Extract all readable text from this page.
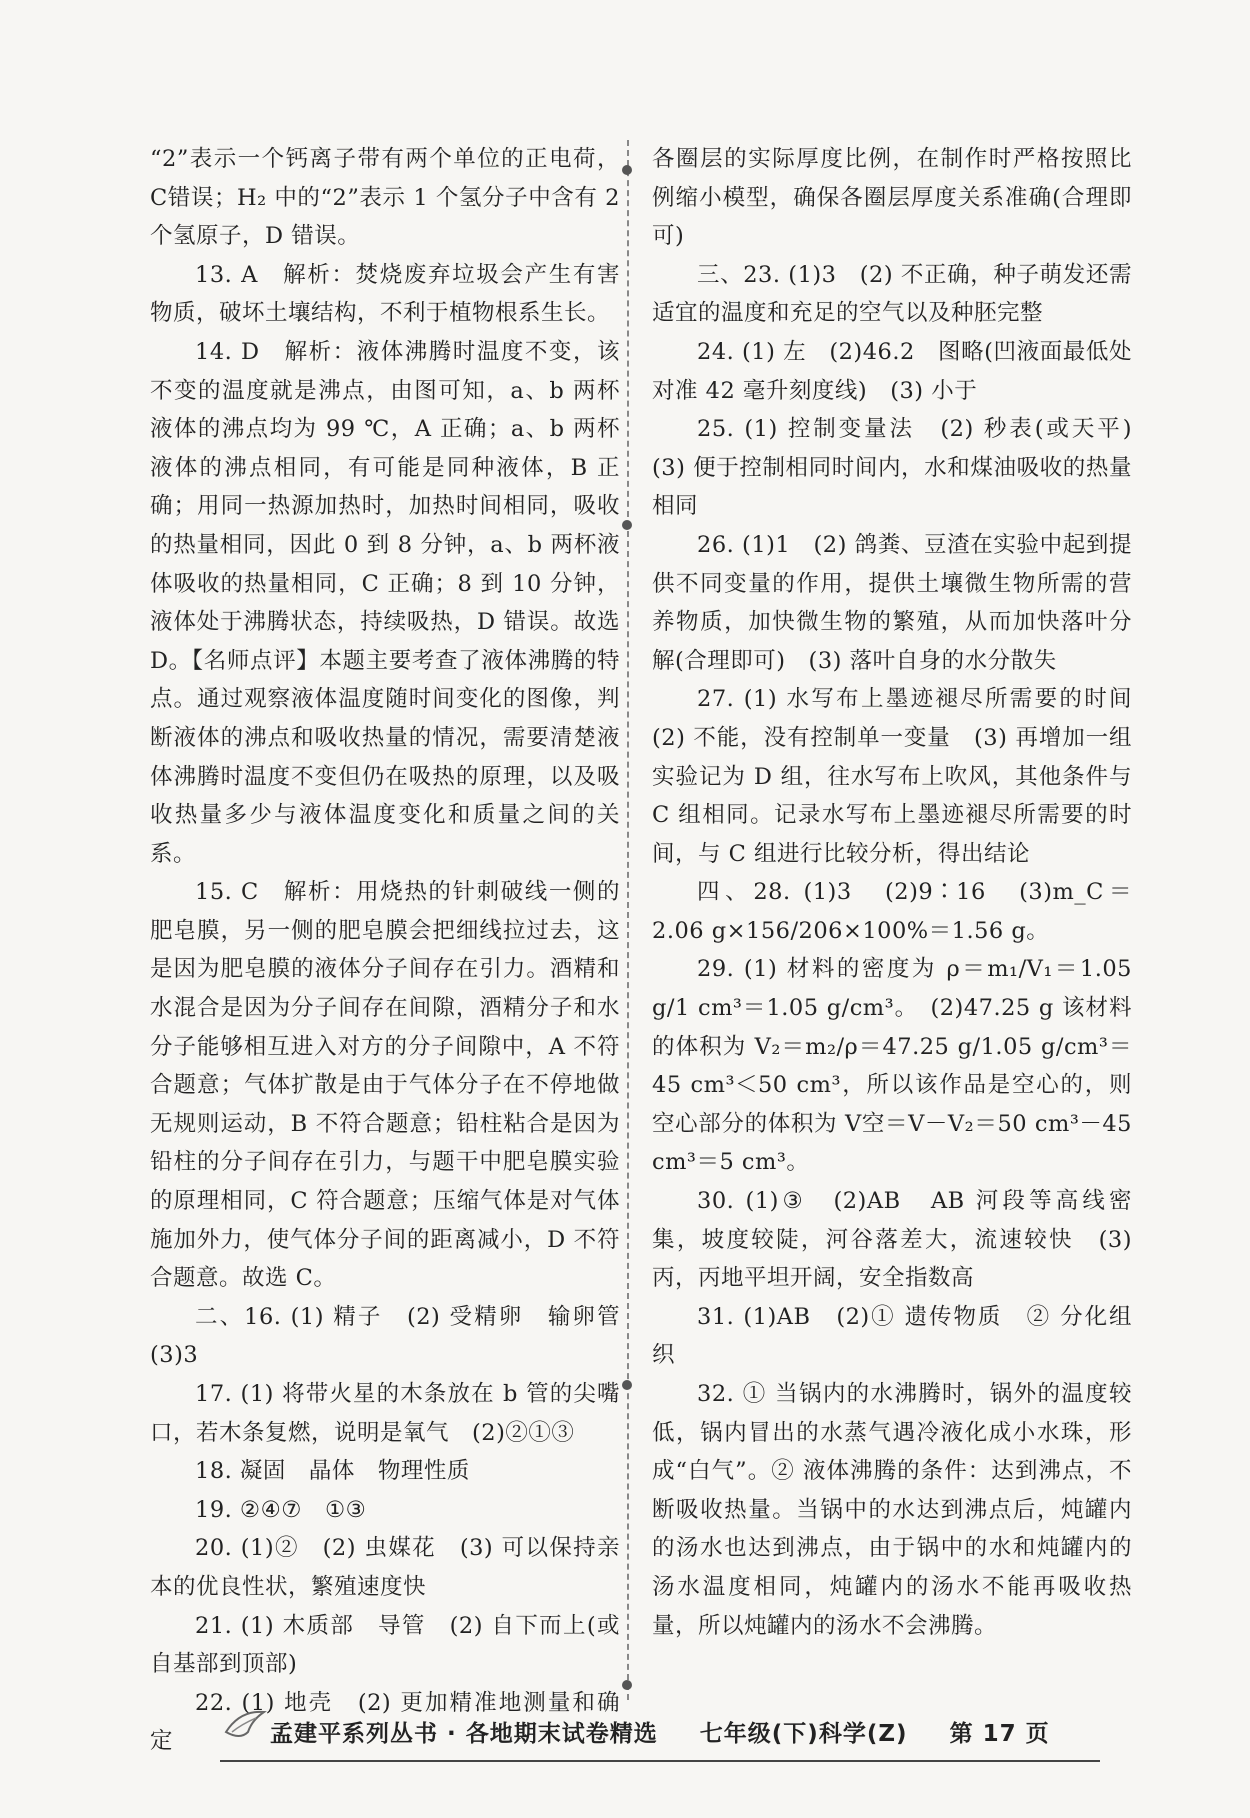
“2”表示一个钙离子带有两个单位的正电荷，C错误；H₂ 中的“2”表示 1 个氢分子中含有 2 个氢原子，D 错误。

13. A　解析：焚烧废弃垃圾会产生有害物质，破坏土壤结构，不利于植物根系生长。

14. D　解析：液体沸腾时温度不变，该不变的温度就是沸点，由图可知，a、b 两杯液体的沸点均为 99 ℃，A 正确；a、b 两杯液体的沸点相同，有可能是同种液体，B 正确；用同一热源加热时，加热时间相同，吸收的热量相同，因此 0 到 8 分钟，a、b 两杯液体吸收的热量相同，C 正确；8 到 10 分钟，液体处于沸腾状态，持续吸热，D 错误。故选 D。【名师点评】本题主要考查了液体沸腾的特点。通过观察液体温度随时间变化的图像，判断液体的沸点和吸收热量的情况，需要清楚液体沸腾时温度不变但仍在吸热的原理，以及吸收热量多少与液体温度变化和质量之间的关系。

15. C　解析：用烧热的针刺破线一侧的肥皂膜，另一侧的肥皂膜会把细线拉过去，这是因为肥皂膜的液体分子间存在引力。酒精和水混合是因为分子间存在间隙，酒精分子和水分子能够相互进入对方的分子间隙中，A 不符合题意；气体扩散是由于气体分子在不停地做无规则运动，B 不符合题意；铅柱粘合是因为铅柱的分子间存在引力，与题干中肥皂膜实验的原理相同，C 符合题意；压缩气体是对气体施加外力，使气体分子间的距离减小，D 不符合题意。故选 C。

二、16. (1) 精子　(2) 受精卵　输卵管 (3)3

17. (1) 将带火星的木条放在 b 管的尖嘴口，若木条复燃，说明是氧气　(2)②①③

18. 凝固　晶体　物理性质

19. ②④⑦　①③

20. (1)②　(2) 虫媒花　(3) 可以保持亲本的优良性状，繁殖速度快

21. (1) 木质部　导管　(2) 自下而上(或自基部到顶部)

22. (1) 地壳　(2) 更加精准地测量和确定

各圈层的实际厚度比例，在制作时严格按照比例缩小模型，确保各圈层厚度关系准确(合理即可)

三、23. (1)3　(2) 不正确，种子萌发还需适宜的温度和充足的空气以及种胚完整

24. (1) 左　(2)46.2　图略(凹液面最低处对准 42 毫升刻度线)　(3) 小于

25. (1) 控制变量法　(2) 秒表(或天平) (3) 便于控制相同时间内，水和煤油吸收的热量相同

26. (1)1　(2) 鸽粪、豆渣在实验中起到提供不同变量的作用，提供土壤微生物所需的营养物质，加快微生物的繁殖，从而加快落叶分解(合理即可)　(3) 落叶自身的水分散失

27. (1) 水写布上墨迹褪尽所需要的时间 (2) 不能，没有控制单一变量　(3) 再增加一组实验记为 D 组，往水写布上吹风，其他条件与 C 组相同。记录水写布上墨迹褪尽所需要的时间，与 C 组进行比较分析，得出结论

四、28. (1)3　(2)9∶16　(3)m_C＝2.06 g×156/206×100%＝1.56 g。

29. (1) 材料的密度为 ρ＝m₁/V₁＝1.05 g/1 cm³＝1.05 g/cm³。　(2)47.25 g 该材料的体积为 V₂＝m₂/ρ＝47.25 g/1.05 g/cm³＝45 cm³＜50 cm³，所以该作品是空心的，则空心部分的体积为 V空＝V－V₂＝50 cm³－45 cm³＝5 cm³。

30. (1)③　(2)AB　AB 河段等高线密集，坡度较陡，河谷落差大，流速较快　(3) 丙，丙地平坦开阔，安全指数高

31. (1)AB　(2)① 遗传物质　② 分化组织

32. ① 当锅内的水沸腾时，锅外的温度较低，锅内冒出的水蒸气遇冷液化成小水珠，形成“白气”。② 液体沸腾的条件：达到沸点，不断吸收热量。当锅中的水达到沸点后，炖罐内的汤水也达到沸点，由于锅中的水和炖罐内的汤水温度相同，炖罐内的汤水不能再吸收热量，所以炖罐内的汤水不会沸腾。

孟建平系列丛书 · 各地期末试卷精选 　 七年级(下)科学(Z) 　 第 17 页
